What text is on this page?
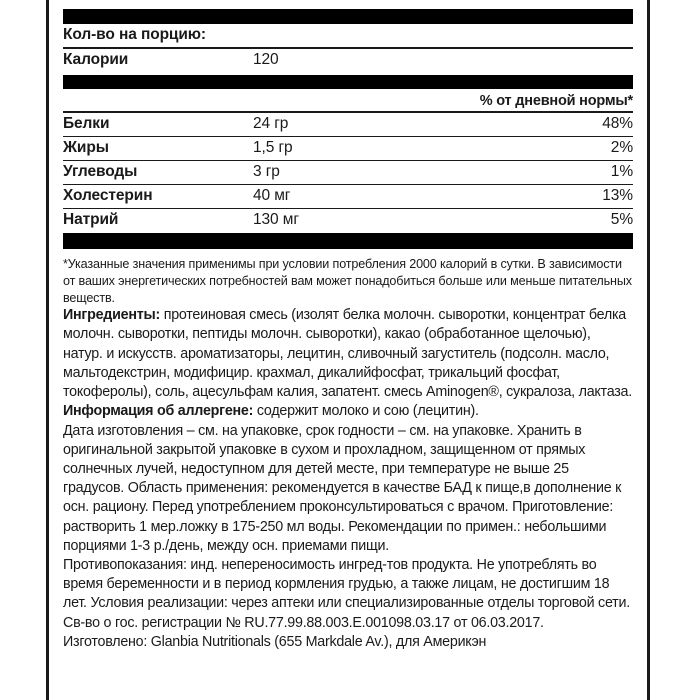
Кол-во на порцию:
Калории	120	
% от дневной нормы*		
Белки	24 гр	48%
Жиры	1,5 гр	2%
Углеводы	3 гр	1%
Холестерин	40 мг	13%
Натрий	130 мг	5%
*Указанные значения применимы при условии потребления 2000 калорий в сутки. В зависимости от ваших энергетических потребностей вам может понадобиться больше или меньше питательных веществ.

Ингредиенты: протеиновая смесь (изолят белка молочн. сыворотки, концентрат белка молочн. сыворотки, пептиды молочн. сыворотки), какао (обработанное щелочью), натур. и искусств. ароматизаторы, лецитин, сливочный загуститель (подсолн. масло, мальтодекстрин, модифицир. крахмал, дикалийфосфат, трикальций фосфат, токоферолы), соль, ацесульфам калия, запатент. смесь Aminogen®, сукралоза, лактаза.

Информация об аллергене: содержит молоко и сою (лецитин).

Дата изготовления – см. на упаковке, срок годности – см. на упаковке. Хранить в оригинальной закрытой упаковке в сухом и прохладном, защищенном от прямых солнечных лучей, недоступном для детей месте, при температуре не выше 25 градусов. Область применения: рекомендуется в качестве БАД к пище,в дополнение к осн. рациону. Перед употреблением проконсультироваться с врачом. Приготовление: растворить 1 мер.ложку в 175-250 мл воды. Рекомендации по примен.: небольшими порциями 1-3 р./день, между осн. приемами пищи.

Противопоказания: инд. непереносимость ингред-тов продукта. Не употреблять во время беременности и в период кормления грудью, а также лицам, не достигшим 18 лет. Условия реализации: через аптеки или специализированные отделы торговой сети.

Св-во о гос. регистрации № RU.77.99.88.003.Е.001098.03.17 от 06.03.2017.

Изготовлено: Glanbia Nutritionals (655 Markdale Av.), для Америкэн
